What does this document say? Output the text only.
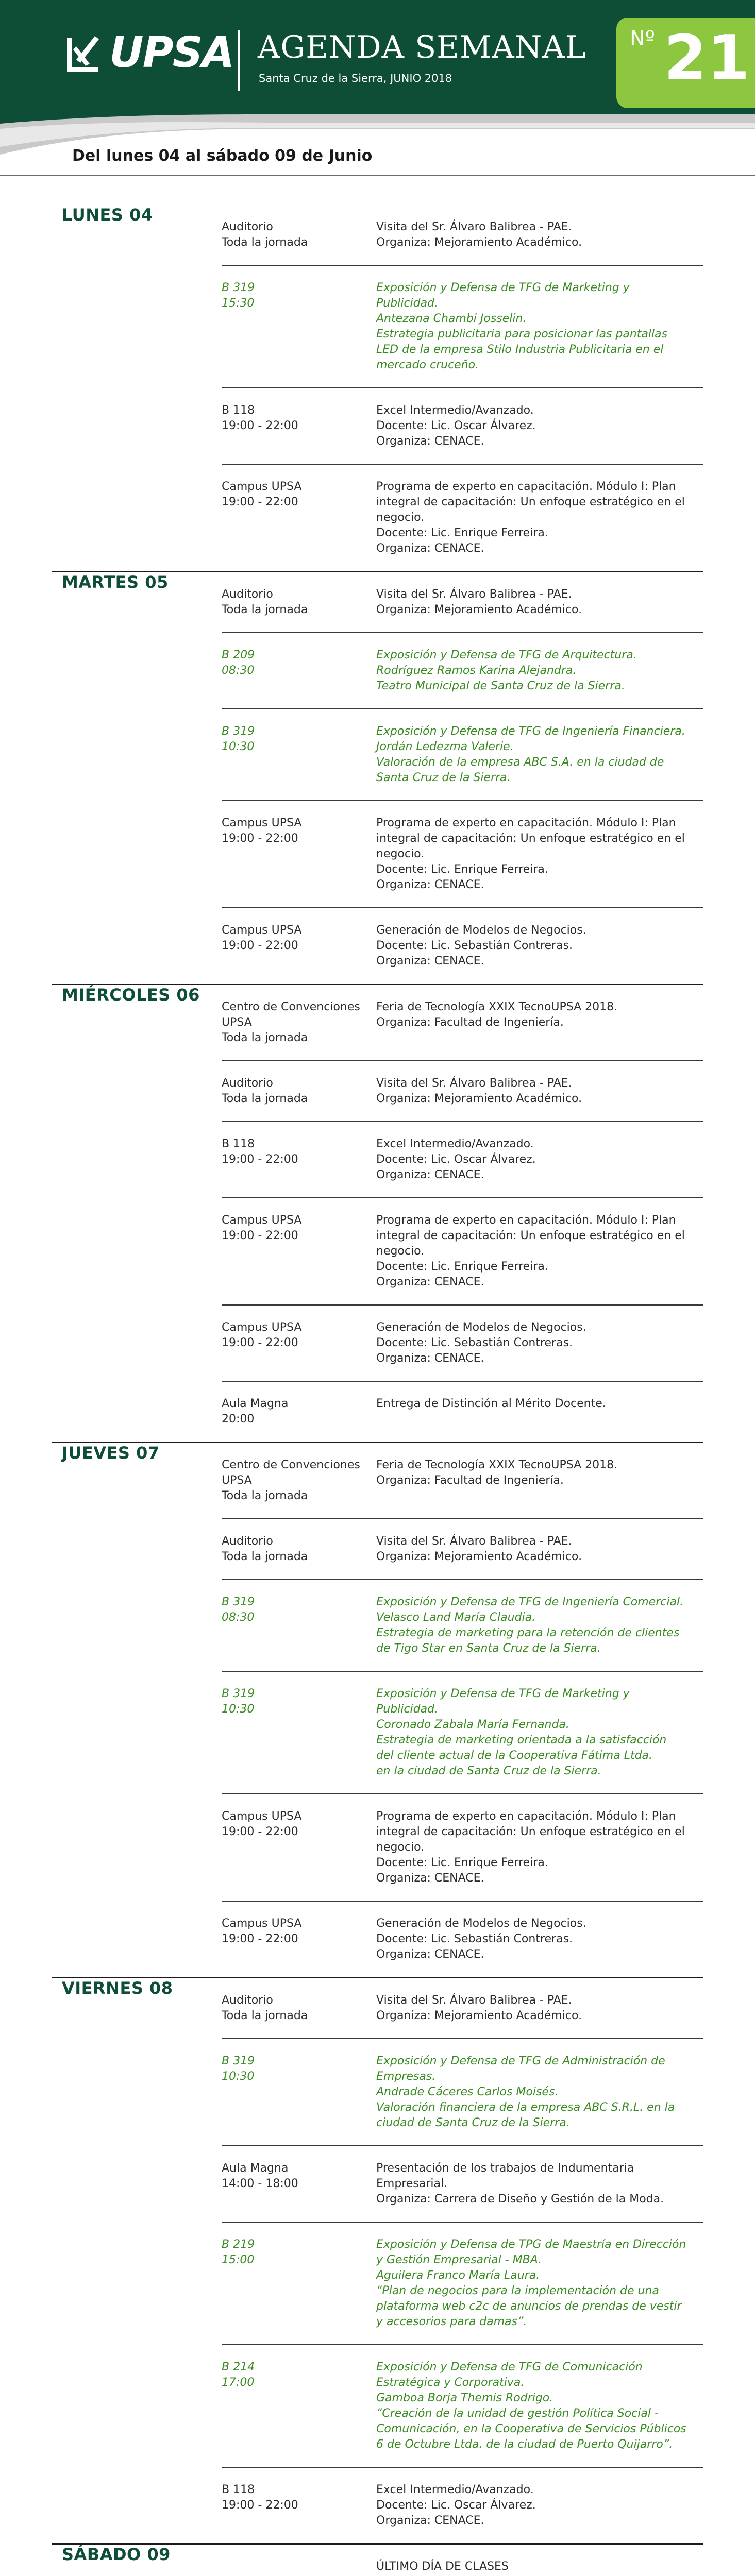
UPSA AGENDA SEMANAL
Santa Cruz de la Sierra, JUNIO 2018
Nº 21
Del lunes 04 al sábado 09 de Junio
LUNES 04
Auditorio
Toda la jornada
Visita del Sr. Álvaro Balibrea - PAE.
Organiza: Mejoramiento Académico.
B 319
15:30
Exposición y Defensa de TFG de Marketing y
Publicidad.
Antezana Chambi Josselin.
Estrategia publicitaria para posicionar las pantallas
LED de la empresa Stilo Industria Publicitaria en el
mercado cruceño.
B 118
19:00 - 22:00
Excel Intermedio/Avanzado.
Docente: Lic. Oscar Álvarez.
Organiza: CENACE.
Campus UPSA
19:00 - 22:00
Programa de experto en capacitación. Módulo I: Plan
integral de capacitación: Un enfoque estratégico en el
negocio.
Docente: Lic. Enrique Ferreira.
Organiza: CENACE.
MARTES 05
Auditorio
Toda la jornada
Visita del Sr. Álvaro Balibrea - PAE.
Organiza: Mejoramiento Académico.
B 209
08:30
Exposición y Defensa de TFG de Arquitectura.
Rodríguez Ramos Karina Alejandra.
Teatro Municipal de Santa Cruz de la Sierra.
B 319
10:30
Exposición y Defensa de TFG de Ingeniería Financiera.
Jordán Ledezma Valerie.
Valoración de la empresa ABC S.A. en la ciudad de
Santa Cruz de la Sierra.
Campus UPSA
19:00 - 22:00
Programa de experto en capacitación. Módulo I: Plan
integral de capacitación: Un enfoque estratégico en el
negocio.
Docente: Lic. Enrique Ferreira.
Organiza: CENACE.
Campus UPSA
19:00 - 22:00
Generación de Modelos de Negocios.
Docente: Lic. Sebastián Contreras.
Organiza: CENACE.
MIÉRCOLES 06
Centro de Convenciones
UPSA
Toda la jornada
Feria de Tecnología XXIX TecnoUPSA 2018.
Organiza: Facultad de Ingeniería.
Auditorio
Toda la jornada
Visita del Sr. Álvaro Balibrea - PAE.
Organiza: Mejoramiento Académico.
B 118
19:00 - 22:00
Excel Intermedio/Avanzado.
Docente: Lic. Oscar Álvarez.
Organiza: CENACE.
Campus UPSA
19:00 - 22:00
Programa de experto en capacitación. Módulo I: Plan
integral de capacitación: Un enfoque estratégico en el
negocio.
Docente: Lic. Enrique Ferreira.
Organiza: CENACE.
Campus UPSA
19:00 - 22:00
Generación de Modelos de Negocios.
Docente: Lic. Sebastián Contreras.
Organiza: CENACE.
Aula Magna
20:00
Entrega de Distinción al Mérito Docente.
JUEVES 07
Centro de Convenciones
UPSA
Toda la jornada
Feria de Tecnología XXIX TecnoUPSA 2018.
Organiza: Facultad de Ingeniería.
Auditorio
Toda la jornada
Visita del Sr. Álvaro Balibrea - PAE.
Organiza: Mejoramiento Académico.
B 319
08:30
Exposición y Defensa de TFG de Ingeniería Comercial.
Velasco Land María Claudia.
Estrategia de marketing para la retención de clientes
de Tigo Star en Santa Cruz de la Sierra.
B 319
10:30
Exposición y Defensa de TFG de Marketing y
Publicidad.
Coronado Zabala María Fernanda.
Estrategia de marketing orientada a la satisfacción
del cliente actual de la Cooperativa Fátima Ltda.
en la ciudad de Santa Cruz de la Sierra.
Campus UPSA
19:00 - 22:00
Programa de experto en capacitación. Módulo I: Plan
integral de capacitación: Un enfoque estratégico en el
negocio.
Docente: Lic. Enrique Ferreira.
Organiza: CENACE.
Campus UPSA
19:00 - 22:00
Generación de Modelos de Negocios.
Docente: Lic. Sebastián Contreras.
Organiza: CENACE.
VIERNES 08
Auditorio
Toda la jornada
Visita del Sr. Álvaro Balibrea - PAE.
Organiza: Mejoramiento Académico.
B 319
10:30
Exposición y Defensa de TFG de Administración de
Empresas.
Andrade Cáceres Carlos Moisés.
Valoración financiera de la empresa ABC S.R.L. en la
ciudad de Santa Cruz de la Sierra.
Aula Magna
14:00 - 18:00
Presentación de los trabajos de Indumentaria
Empresarial.
Organiza: Carrera de Diseño y Gestión de la Moda.
B 219
15:00
Exposición y Defensa de TPG de Maestría en Dirección
y Gestión Empresarial - MBA.
Aguilera Franco María Laura.
“Plan de negocios para la implementación de una
plataforma web c2c de anuncios de prendas de vestir
y accesorios para damas”.
B 214
17:00
Exposición y Defensa de TFG de Comunicación
Estratégica y Corporativa.
Gamboa Borja Themis Rodrigo.
“Creación de la unidad de gestión Política Social -
Comunicación, en la Cooperativa de Servicios Públicos
6 de Octubre Ltda. de la ciudad de Puerto Quijarro”.
B 118
19:00 - 22:00
Excel Intermedio/Avanzado.
Docente: Lic. Oscar Álvarez.
Organiza: CENACE.
SÁBADO 09
ÚLTIMO DÍA DE CLASES
